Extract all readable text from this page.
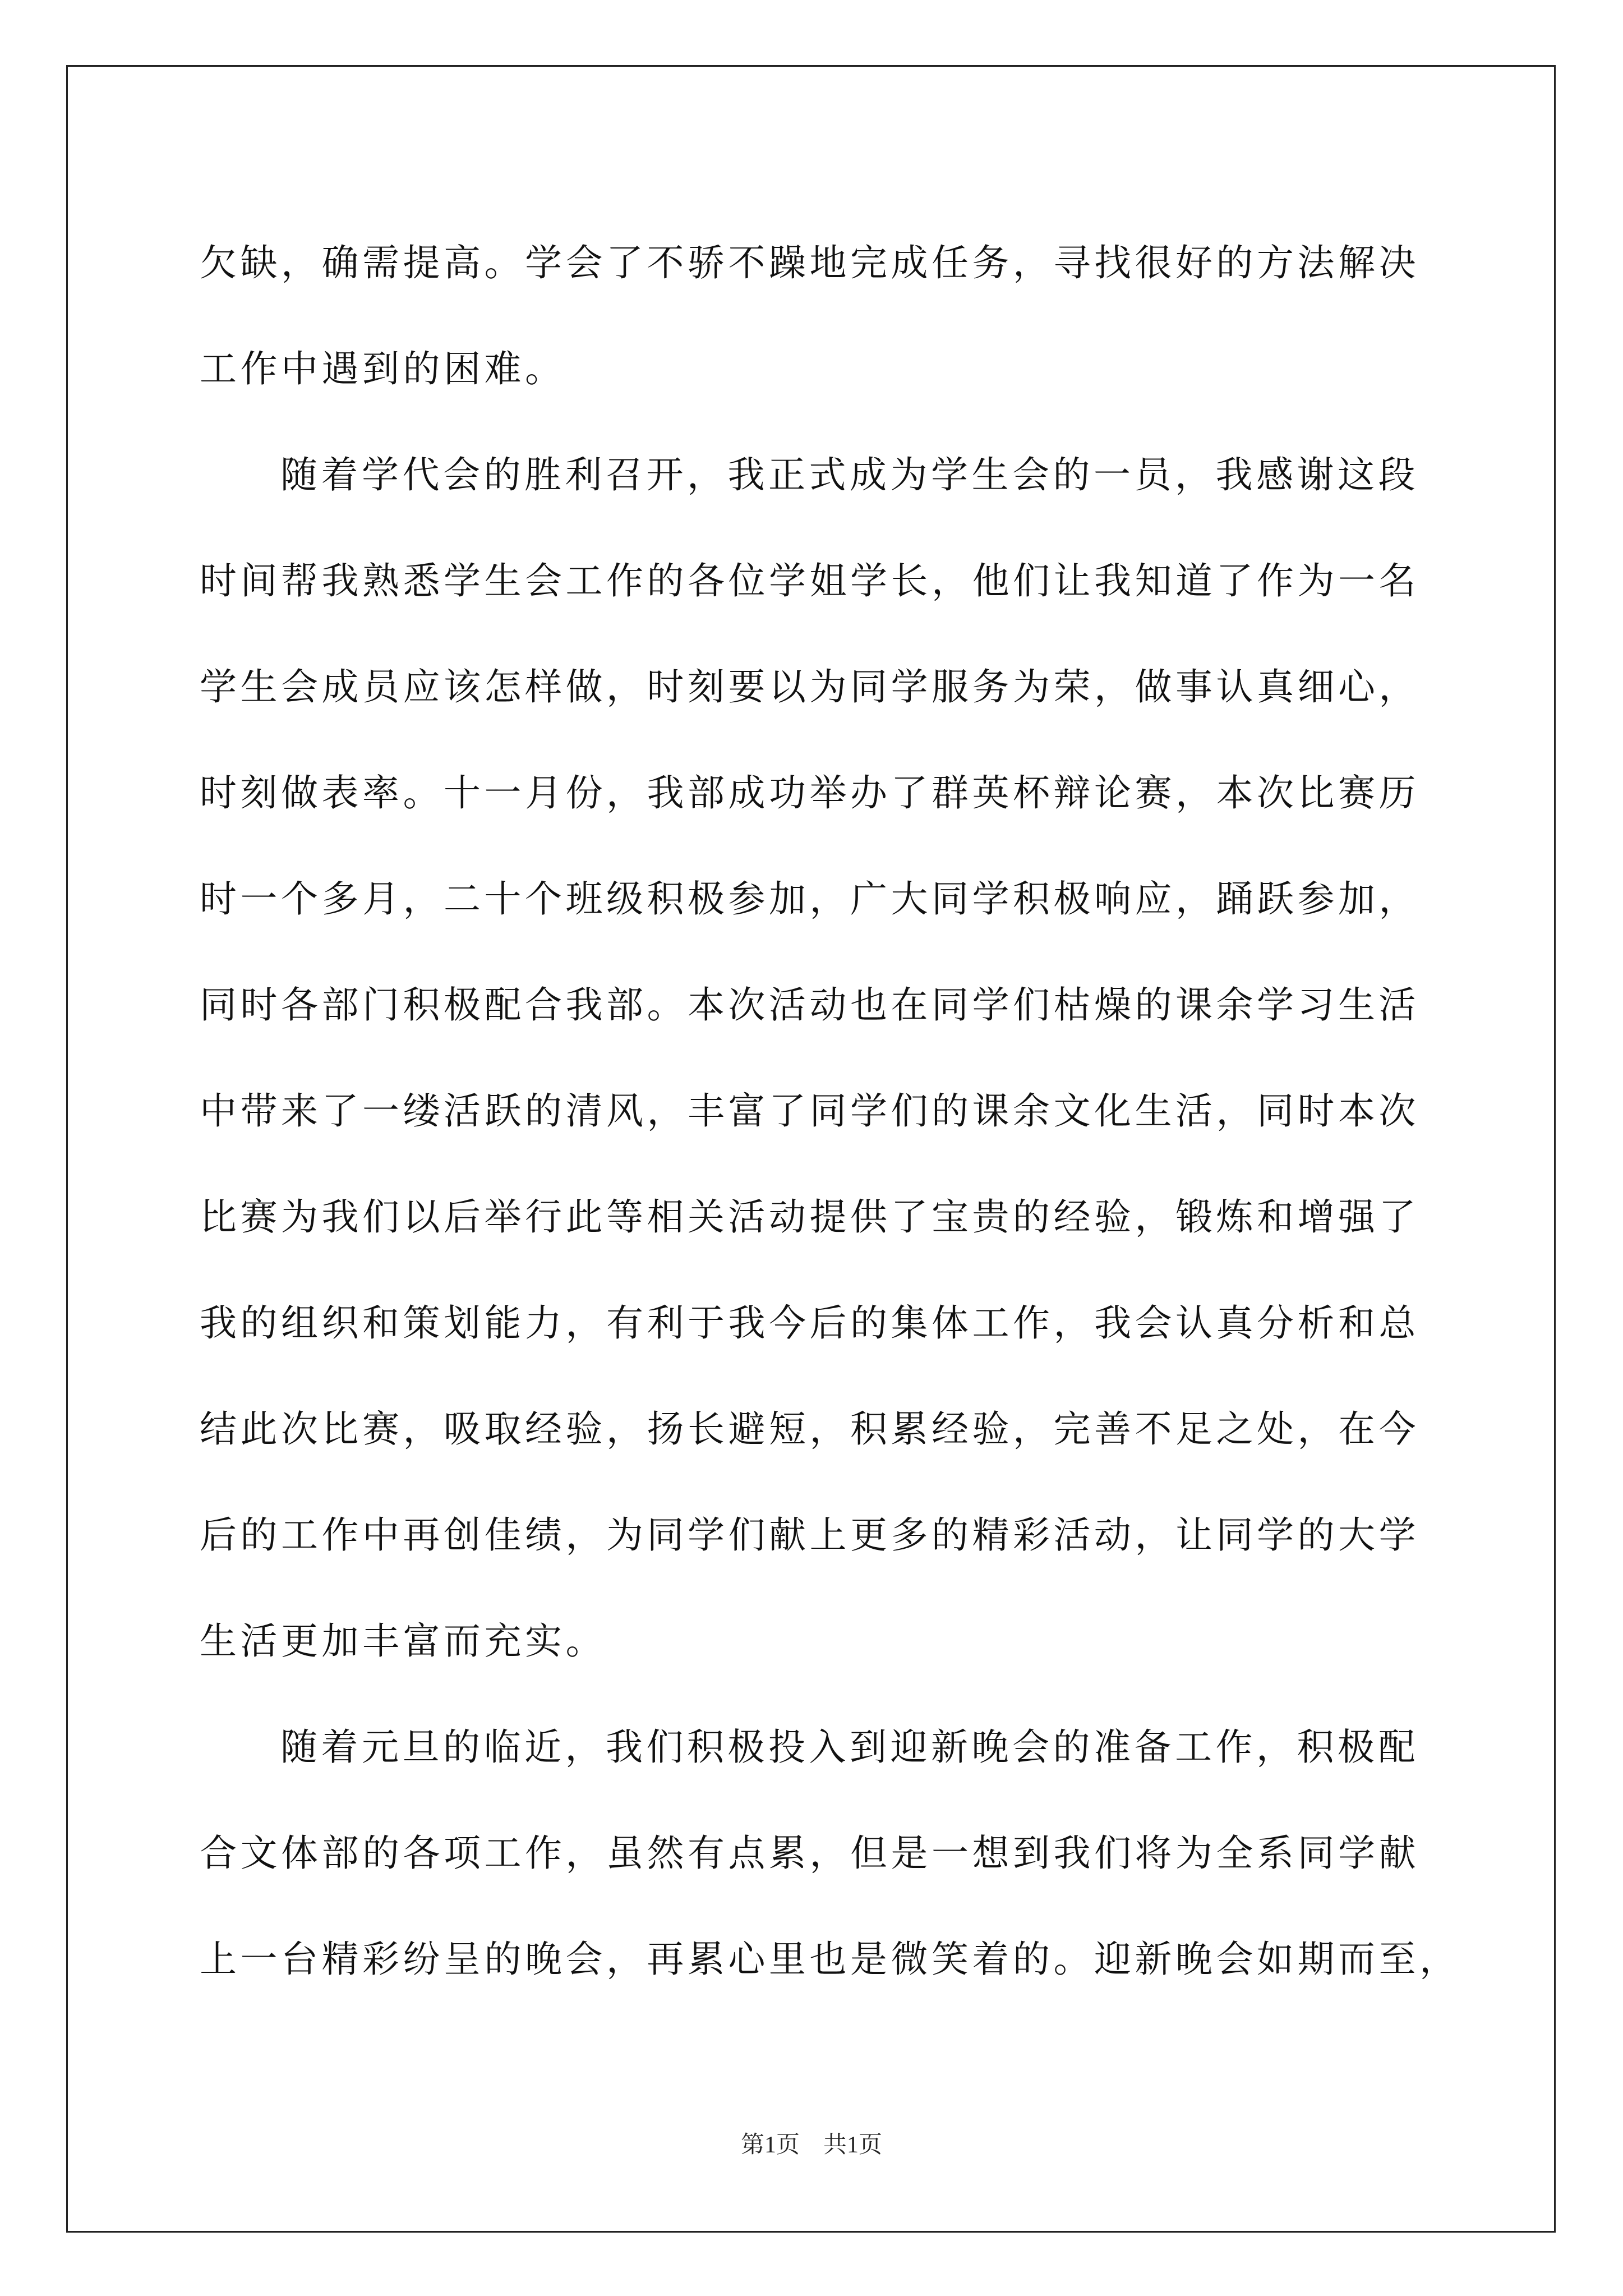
欠缺，确需提高。学会了不骄不躁地完成任务，寻找很好的方法解决
工作中遇到的困难。
随着学代会的胜利召开，我正式成为学生会的一员，我感谢这段
时间帮我熟悉学生会工作的各位学姐学长，他们让我知道了作为一名
学生会成员应该怎样做，时刻要以为同学服务为荣，做事认真细心，
时刻做表率。十一月份，我部成功举办了群英杯辩论赛，本次比赛历
时一个多月，二十个班级积极参加，广大同学积极响应，踊跃参加，
同时各部门积极配合我部。本次活动也在同学们枯燥的课余学习生活
中带来了一缕活跃的清风，丰富了同学们的课余文化生活，同时本次
比赛为我们以后举行此等相关活动提供了宝贵的经验，锻炼和增强了
我的组织和策划能力，有利于我今后的集体工作，我会认真分析和总
结此次比赛，吸取经验，扬长避短，积累经验，完善不足之处，在今
后的工作中再创佳绩，为同学们献上更多的精彩活动，让同学的大学
生活更加丰富而充实。
随着元旦的临近，我们积极投入到迎新晚会的准备工作，积极配
合文体部的各项工作，虽然有点累，但是一想到我们将为全系同学献
上一台精彩纷呈的晚会，再累心里也是微笑着的。迎新晚会如期而至，
第1页　共1页
